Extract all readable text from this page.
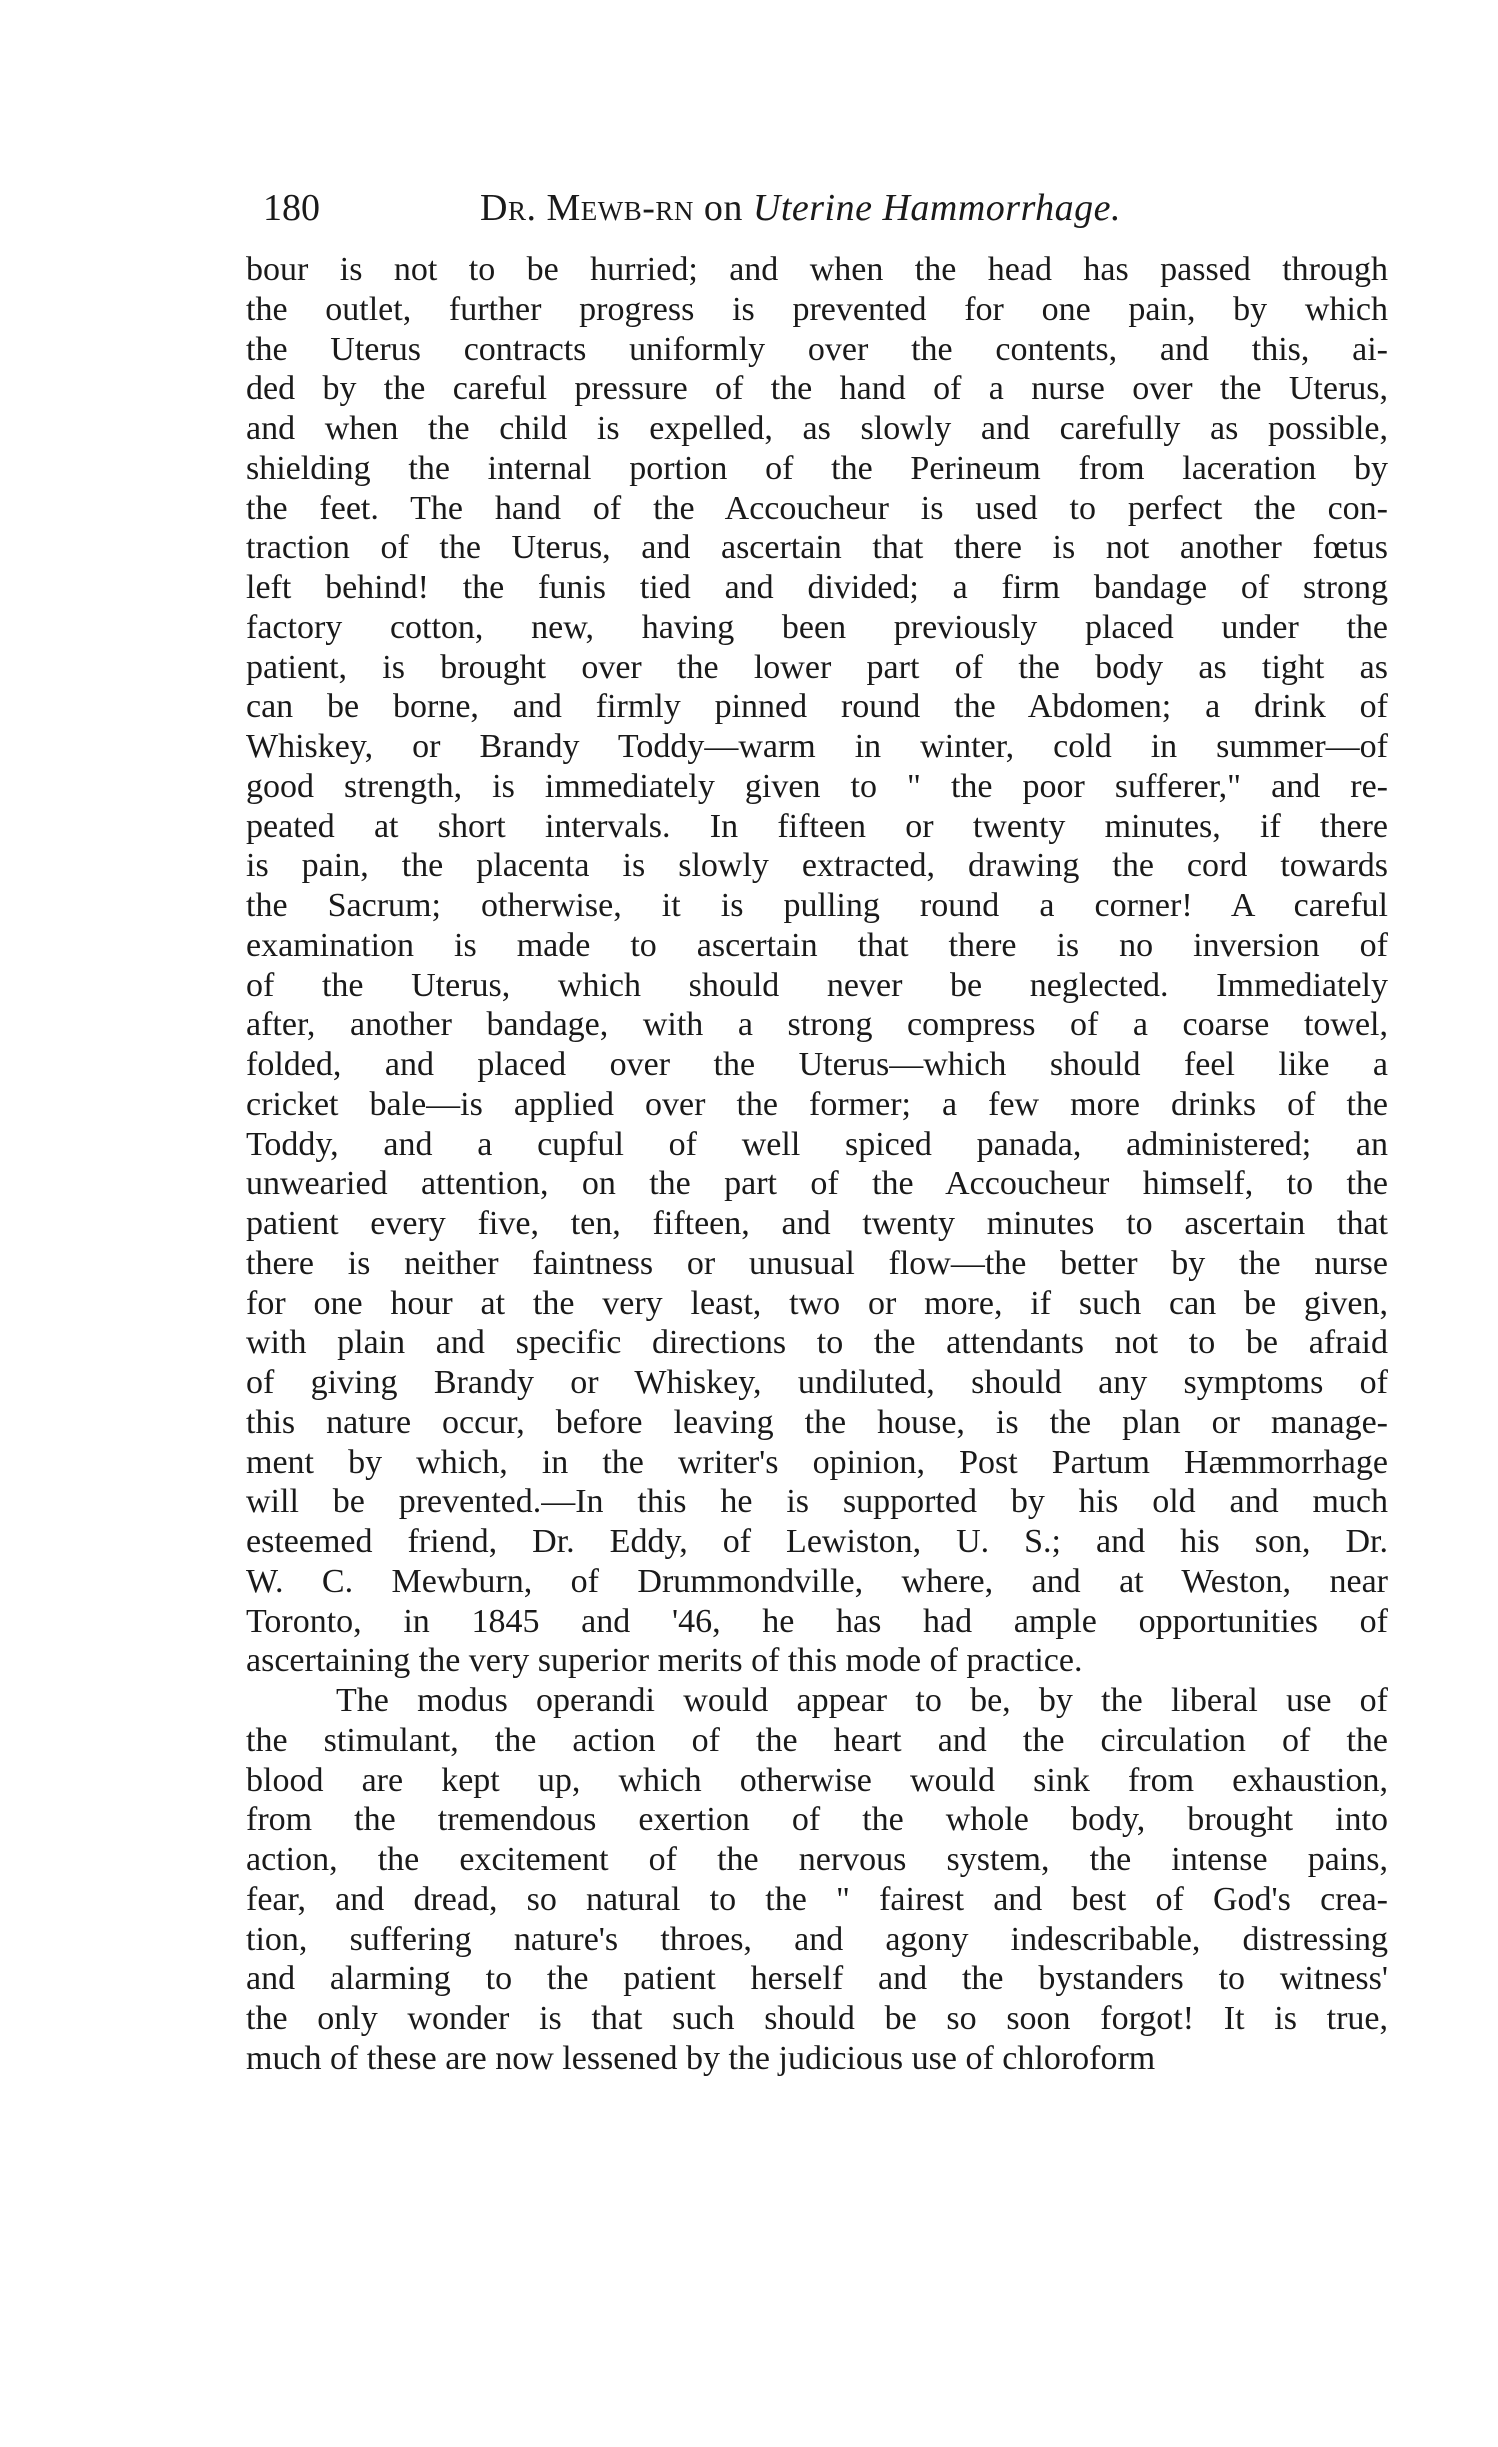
180	Dr. Mewb-rn on Uterine Hammorrhage.
bour is not to be hurried; and when the head has passed through
the outlet, further progress is prevented for one pain, by which
the Uterus contracts uniformly over the contents, and this, ai-
ded by the careful pressure of the hand of a nurse over the Uterus,
and when the child is expelled, as slowly and carefully as possible,
shielding the internal portion of the Perineum from laceration by
the feet. The hand of the Accoucheur is used to perfect the con-
traction of the Uterus, and ascertain that there is not another fœtus
left behind! the funis tied and divided; a firm bandage of strong
factory cotton, new, having been previously placed under the
patient, is brought over the lower part of the body as tight as
can be borne, and firmly pinned round the Abdomen; a drink of
Whiskey, or Brandy Toddy—warm in winter, cold in summer—of
good strength, is immediately given to " the poor sufferer," and re-
peated at short intervals. In fifteen or twenty minutes, if there
is pain, the placenta is slowly extracted, drawing the cord towards
the Sacrum; otherwise, it is pulling round a corner! A careful
examination is made to ascertain that there is no inversion of
of the Uterus, which should never be neglected. Immediately
after, another bandage, with a strong compress of a coarse towel,
folded, and placed over the Uterus—which should feel like a
cricket bale—is applied over the former; a few more drinks of the
Toddy, and a cupful of well spiced panada, administered; an
unwearied attention, on the part of the Accoucheur himself, to the
patient every five, ten, fifteen, and twenty minutes to ascertain that
there is neither faintness or unusual flow—the better by the nurse
for one hour at the very least, two or more, if such can be given,
with plain and specific directions to the attendants not to be afraid
of giving Brandy or Whiskey, undiluted, should any symptoms of
this nature occur, before leaving the house, is the plan or manage-
ment by which, in the writer's opinion, Post Partum Hæmmorrhage
will be prevented.—In this he is supported by his old and much
esteemed friend, Dr. Eddy, of Lewiston, U. S.; and his son, Dr.
W. C. Mewburn, of Drummondville, where, and at Weston, near
Toronto, in 1845 and '46, he has had ample opportunities of
ascertaining the very superior merits of this mode of practice.
The modus operandi would appear to be, by the liberal use of
the stimulant, the action of the heart and the circulation of the
blood are kept up, which otherwise would sink from exhaustion,
from the tremendous exertion of the whole body, brought into
action, the excitement of the nervous system, the intense pains,
fear, and dread, so natural to the " fairest and best of God's crea-
tion, suffering nature's throes, and agony indescribable, distressing
and alarming to the patient herself and the bystanders to witness'
the only wonder is that such should be so soon forgot! It is true,
much of these are now lessened by the judicious use of chloroform
